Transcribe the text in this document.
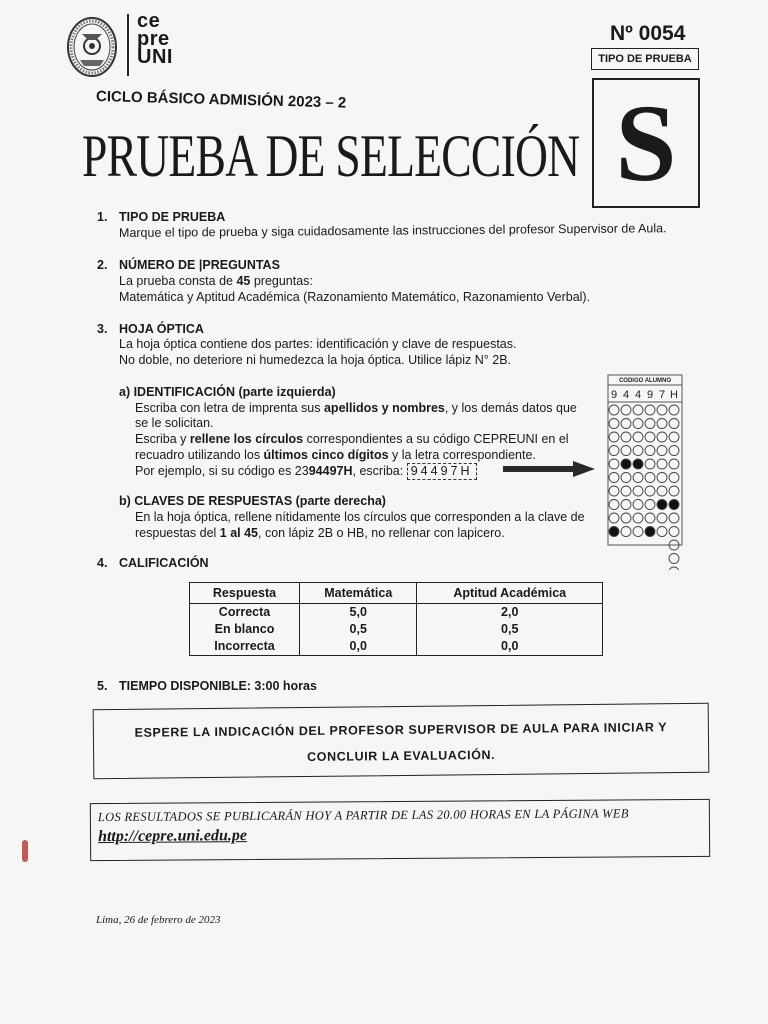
ce
pre
UNI
Nº 0054
TIPO DE PRUEBA
S
CICLO BÁSICO ADMISIÓN 2023 – 2
PRUEBA DE SELECCIÓN
1. TIPO DE PRUEBA
Marque el tipo de prueba y siga cuidadosamente las instrucciones del profesor Supervisor de Aula.
2. NÚMERO DE |PREGUNTAS
La prueba consta de 45 preguntas:
Matemática y Aptitud Académica (Razonamiento Matemático, Razonamiento Verbal).
3. HOJA ÓPTICA
La hoja óptica contiene dos partes: identificación y clave de respuestas.
No doble, no deteriore ni humedezca la hoja óptica. Utilice lápiz N° 2B.
a) IDENTIFICACIÓN (parte izquierda)
Escriba con letra de imprenta sus apellidos y nombres, y los demás datos que
se le solicitan.
Escriba y rellene los círculos correspondientes a su código CEPREUNI en el
recuadro utilizando los últimos cinco dígitos y la letra correspondiente.
Por ejemplo, si su código es 2394497H, escriba: 94497H
b) CLAVES DE RESPUESTAS (parte derecha)
En la hoja óptica, rellene nítidamente los círculos que corresponden a la clave de
respuestas del 1 al 45, con lápiz 2B o HB, no rellenar con lapicero.
CODIGO ALUMNO
9 4 4 9 7 H
4. CALIFICACIÓN
Respuesta	Matemática	Aptitud Académica
Correcta	5,0	2,0
En blanco	0,5	0,5
Incorrecta	0,0	0,0
5. TIEMPO DISPONIBLE: 3:00 horas
ESPERE LA INDICACIÓN DEL PROFESOR SUPERVISOR DE AULA PARA INICIAR Y
CONCLUIR LA EVALUACIÓN.
LOS RESULTADOS SE PUBLICARÁN HOY A PARTIR DE LAS 20.00 HORAS EN LA PÁGINA WEB
http://cepre.uni.edu.pe
Lima, 26 de febrero de 2023
